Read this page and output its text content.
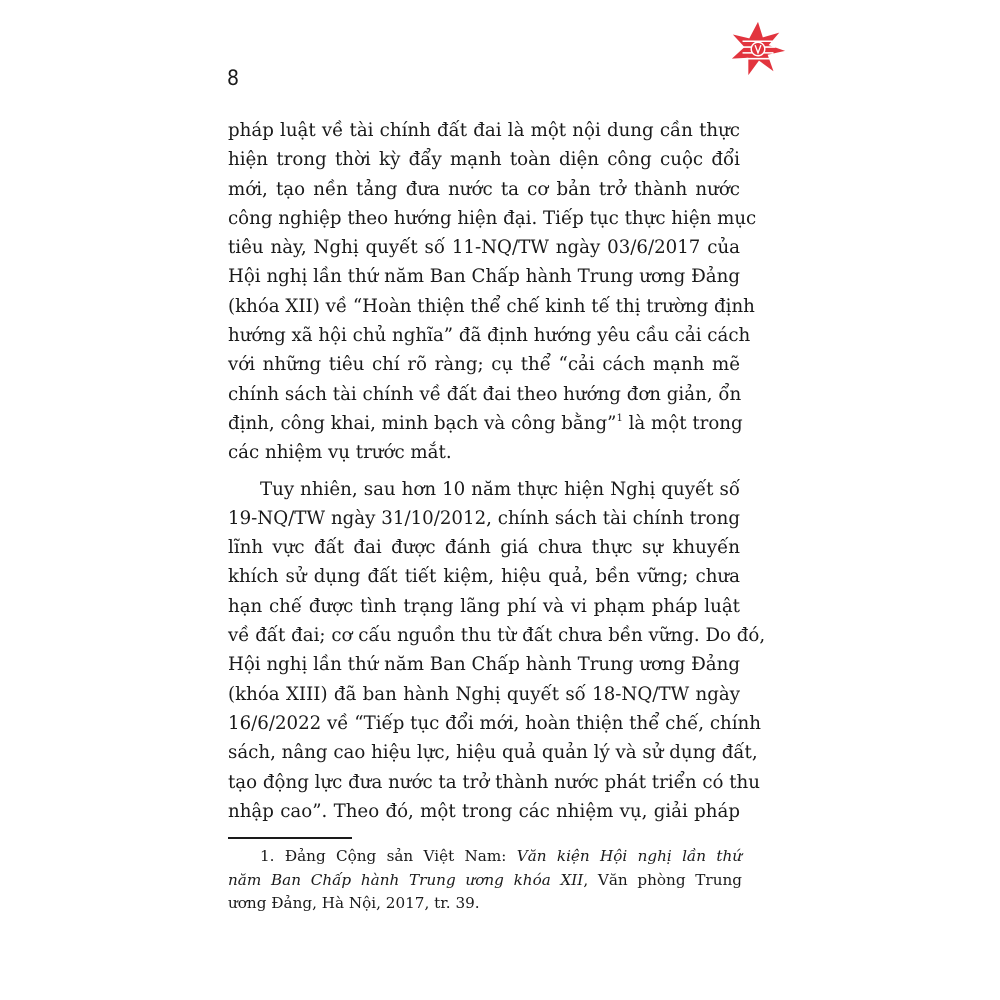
8
pháp luật về tài chính đất đai là một nội dung cần thực
hiện trong thời kỳ đẩy mạnh toàn diện công cuộc đổi
mới, tạo nền tảng đưa nước ta cơ bản trở thành nước
công nghiệp theo hướng hiện đại. Tiếp tục thực hiện mục
tiêu này, Nghị quyết số 11-NQ/TW ngày 03/6/2017 của
Hội nghị lần thứ năm Ban Chấp hành Trung ương Đảng
(khóa XII) về “Hoàn thiện thể chế kinh tế thị trường định
hướng xã hội chủ nghĩa” đã định hướng yêu cầu cải cách
với những tiêu chí rõ ràng; cụ thể “cải cách mạnh mẽ
chính sách tài chính về đất đai theo hướng đơn giản, ổn
định, công khai, minh bạch và công bằng”$^1$ là một trong
các nhiệm vụ trước mắt.
Tuy nhiên, sau hơn 10 năm thực hiện Nghị quyết số
19-NQ/TW ngày 31/10/2012, chính sách tài chính trong
lĩnh vực đất đai được đánh giá chưa thực sự khuyến
khích sử dụng đất tiết kiệm, hiệu quả, bền vững; chưa
hạn chế được tình trạng lãng phí và vi phạm pháp luật
về đất đai; cơ cấu nguồn thu từ đất chưa bền vững. Do đó,
Hội nghị lần thứ năm Ban Chấp hành Trung ương Đảng
(khóa XIII) đã ban hành Nghị quyết số 18-NQ/TW ngày
16/6/2022 về “Tiếp tục đổi mới, hoàn thiện thể chế, chính
sách, nâng cao hiệu lực, hiệu quả quản lý và sử dụng đất,
tạo động lực đưa nước ta trở thành nước phát triển có thu
nhập cao”. Theo đó, một trong các nhiệm vụ, giải pháp
1. Đảng Cộng sản Việt Nam: Văn kiện Hội nghị lần thứ
năm Ban Chấp hành Trung ương khóa XII, Văn phòng Trung
ương Đảng, Hà Nội, 2017, tr. 39.
